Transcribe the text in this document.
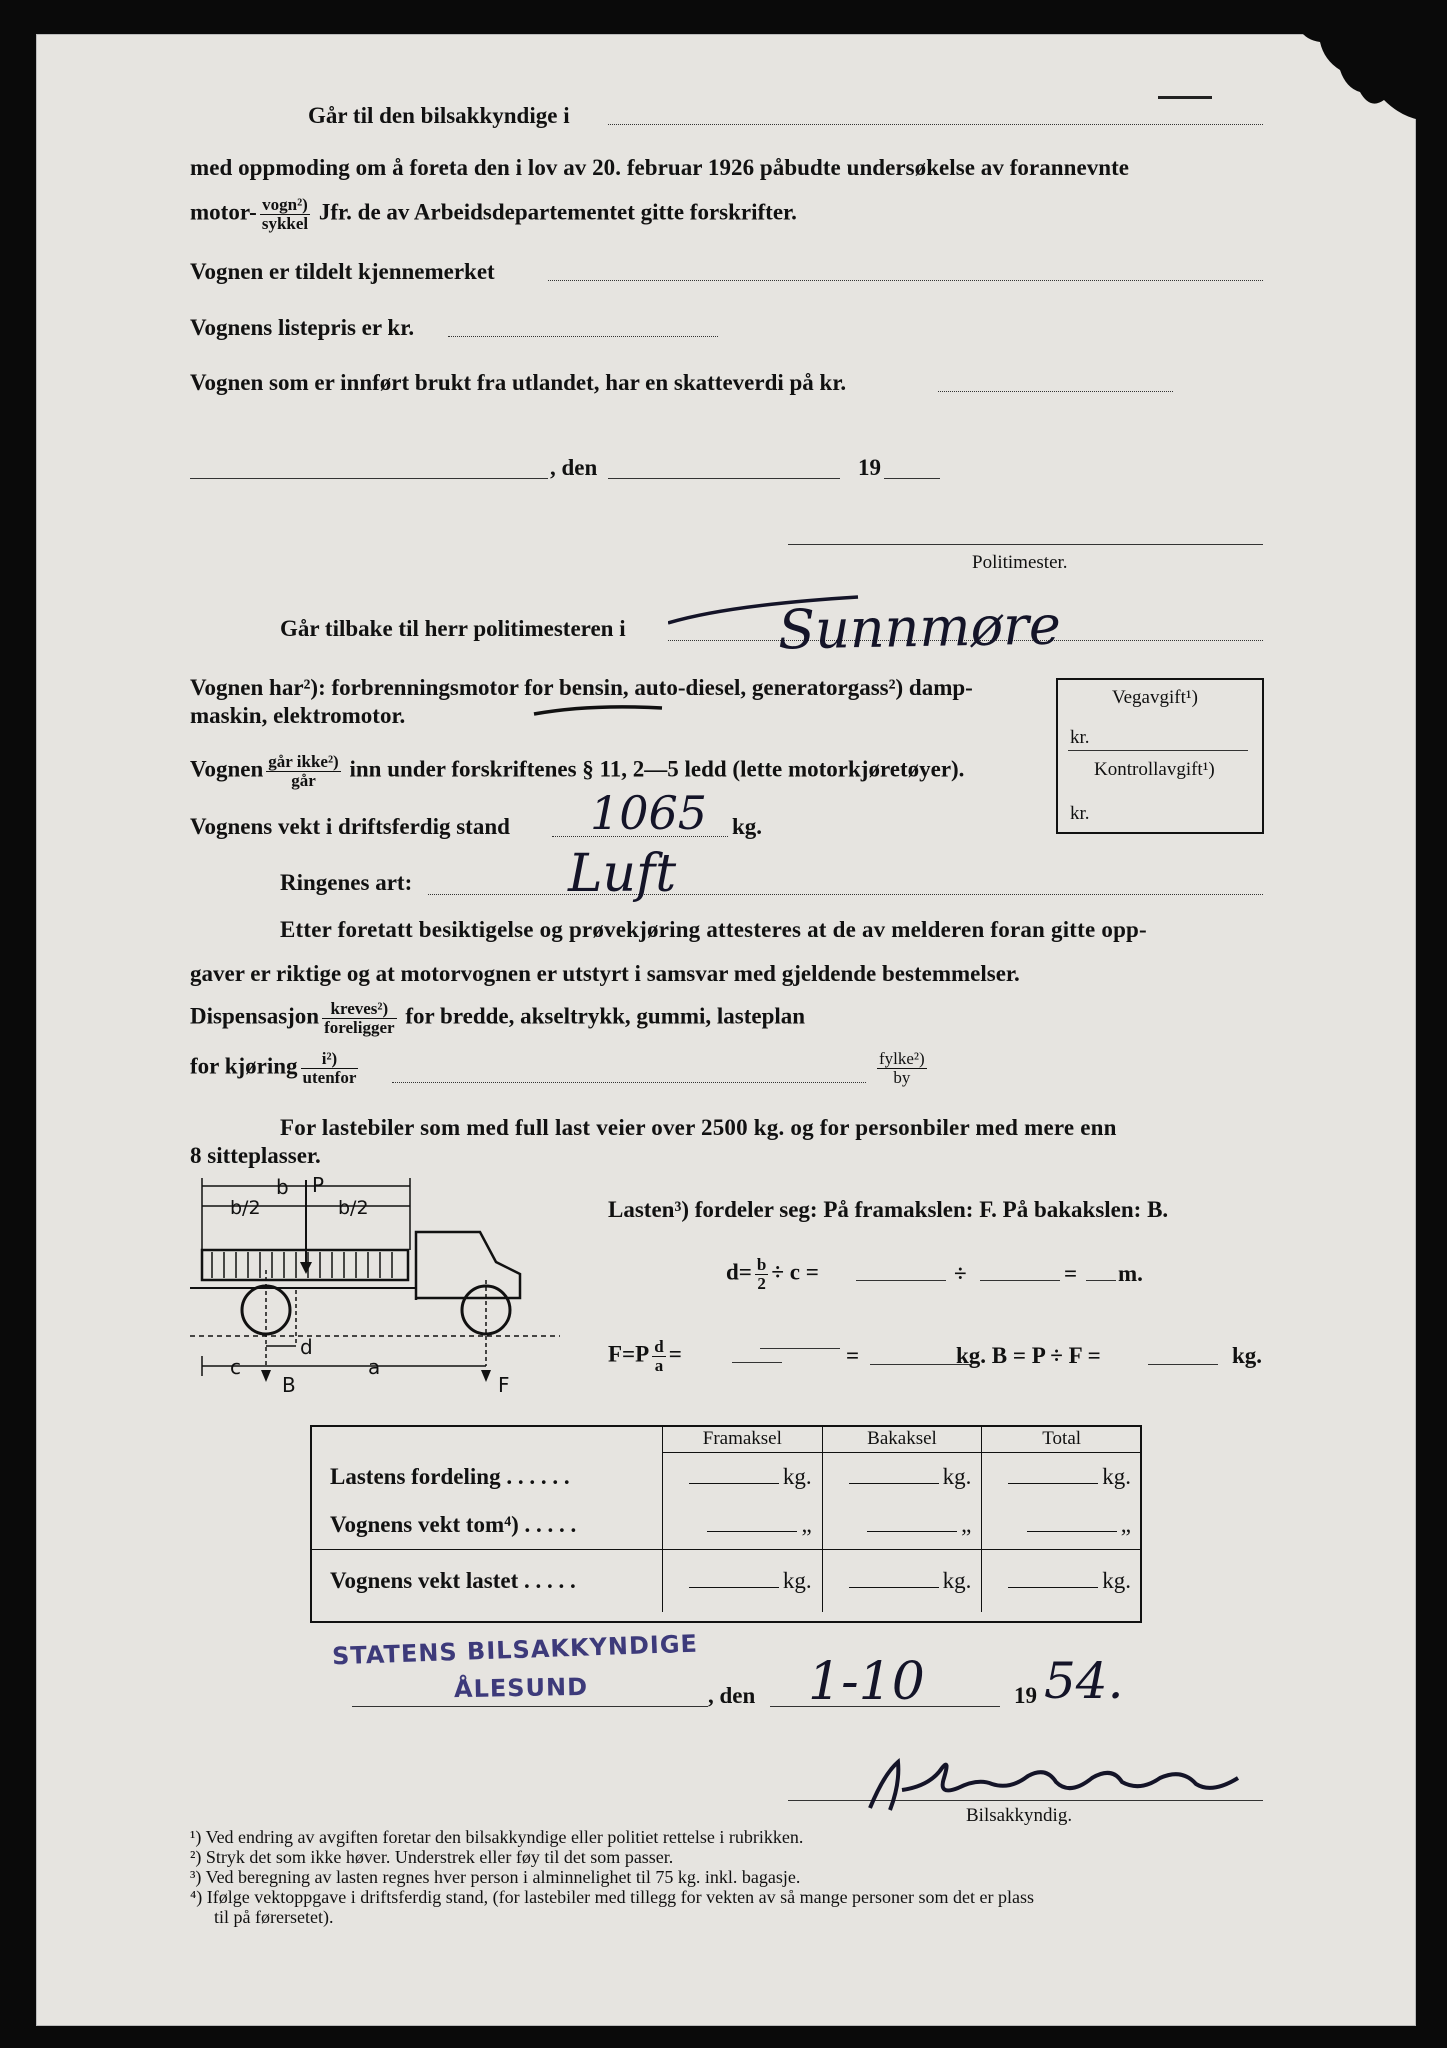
Går til den bilsakkyndige i
med oppmoding om å foreta den i lov av 20. februar 1926 påbudte undersøkelse av forannevnte
motor- $\frac{\text{vogn²)}}{\text{sykkel}}$ Jfr. de av Arbeidsdepartementet gitte forskrifter.
Vognen er tildelt kjennemerket
Vognens listepris er kr.
Vognen som er innført brukt fra utlandet, har en skatteverdi på kr.
, den	19
Politimester.
Går tilbake til herr politimesteren i	Sunnmøre
Vegavgift¹)
kr.
Kontrollavgift¹)
kr.
Vognen har²): forbrenningsmotor for bensin, auto-diesel, generatorgass²) damp-
maskin, elektromotor.
Vognen $\frac{\text{går ikke²)}}{\text{går}}$ inn under forskriftenes § 11, 2—5 ledd (lette motorkjøretøyer).
Vognens vekt i driftsferdig stand 1065 kg.
Ringenes art:	Luft
Etter foretatt besiktigelse og prøvekjøring attesteres at de av melderen foran gitte opp-
gaver er riktige og at motorvognen er utstyrt i samsvar med gjeldende bestemmelser.
Dispensasjon $\frac{\text{kreves²)}}{\text{foreligger}}$ for bredde, akseltrykk, gummi, lasteplan
for kjøring $\frac{\text{i²)}}{\text{utenfor}}$	$\frac{\text{fylke²)}}{by}$
For lastebiler som med full last veier over 2500 kg. og for personbiler med mere enn
8 sitteplasser.
b
b/2	b/2
P
d
c	a
B	F
Lasten³) fordeler seg: På framakslen: F. På bakakslen: B.
$d= \frac{b}{2} \div c$ =	÷	= m.
$F=P \frac{d}{a}$ =	=	kg. B = P ÷ F =	kg.
	Framaksel	Bakaksel	Total
Lastens fordeling . . . . . .	kg.	kg.	kg.
Vognens vekt tom⁴) . . . . .	„	„	„
Vognens vekt lastet . . . . .	kg.	kg.	kg.
STATENS BILSAKKYNDIGE
ÅLESUND	, den 1-10	19 54.
Bilsakkyndig.
¹) Ved endring av avgiften foretar den bilsakkyndige eller politiet rettelse i rubrikken.
²) Stryk det som ikke høver. Understrek eller føy til det som passer.
³) Ved beregning av lasten regnes hver person i alminnelighet til 75 kg. inkl. bagasje.
⁴) Ifølge vektoppgave i driftsferdig stand, (for lastebiler med tillegg for vekten av så mange personer som det er plass
til på førersetet).
